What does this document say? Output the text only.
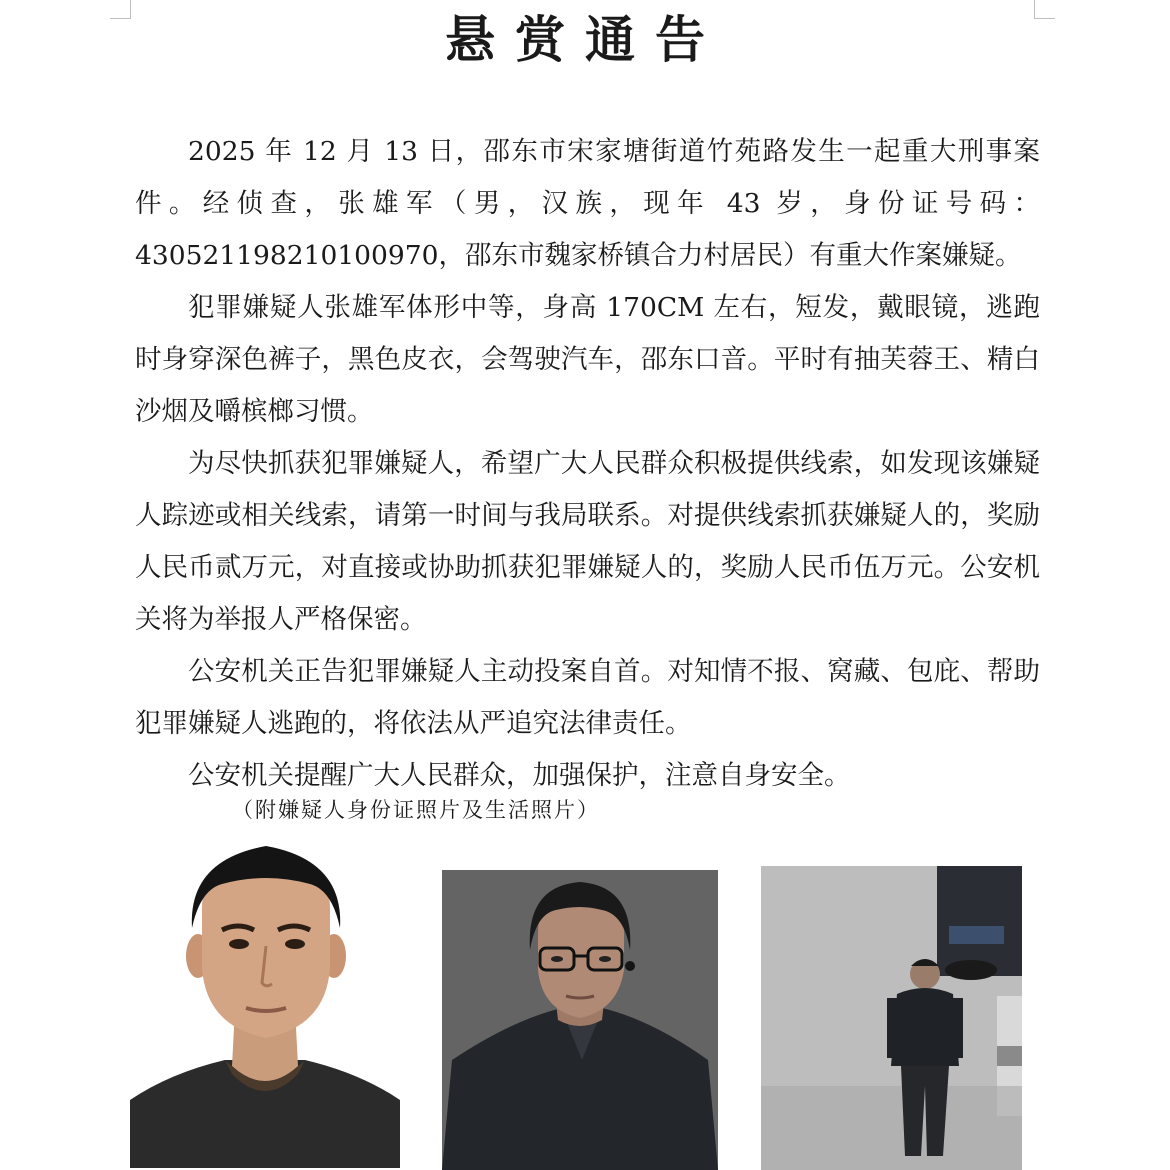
悬赏通告

2025 年 12 月 13 日，邵东市宋家塘街道竹苑路发生一起重大刑事案件。经侦查，张雄军（男，汉族，现年 43 岁，身份证号码：430521198210100970，邵东市魏家桥镇合力村居民）有重大作案嫌疑。

犯罪嫌疑人张雄军体形中等，身高 170CM 左右，短发，戴眼镜，逃跑时身穿深色裤子，黑色皮衣，会驾驶汽车，邵东口音。平时有抽芙蓉王、精白沙烟及嚼槟榔习惯。

为尽快抓获犯罪嫌疑人，希望广大人民群众积极提供线索，如发现该嫌疑人踪迹或相关线索，请第一时间与我局联系。对提供线索抓获嫌疑人的，奖励人民币贰万元，对直接或协助抓获犯罪嫌疑人的，奖励人民币伍万元。公安机关将为举报人严格保密。

公安机关正告犯罪嫌疑人主动投案自首。对知情不报、窝藏、包庇、帮助犯罪嫌疑人逃跑的，将依法从严追究法律责任。

公安机关提醒广大人民群众，加强保护，注意自身安全。

（附嫌疑人身份证照片及生活照片）
